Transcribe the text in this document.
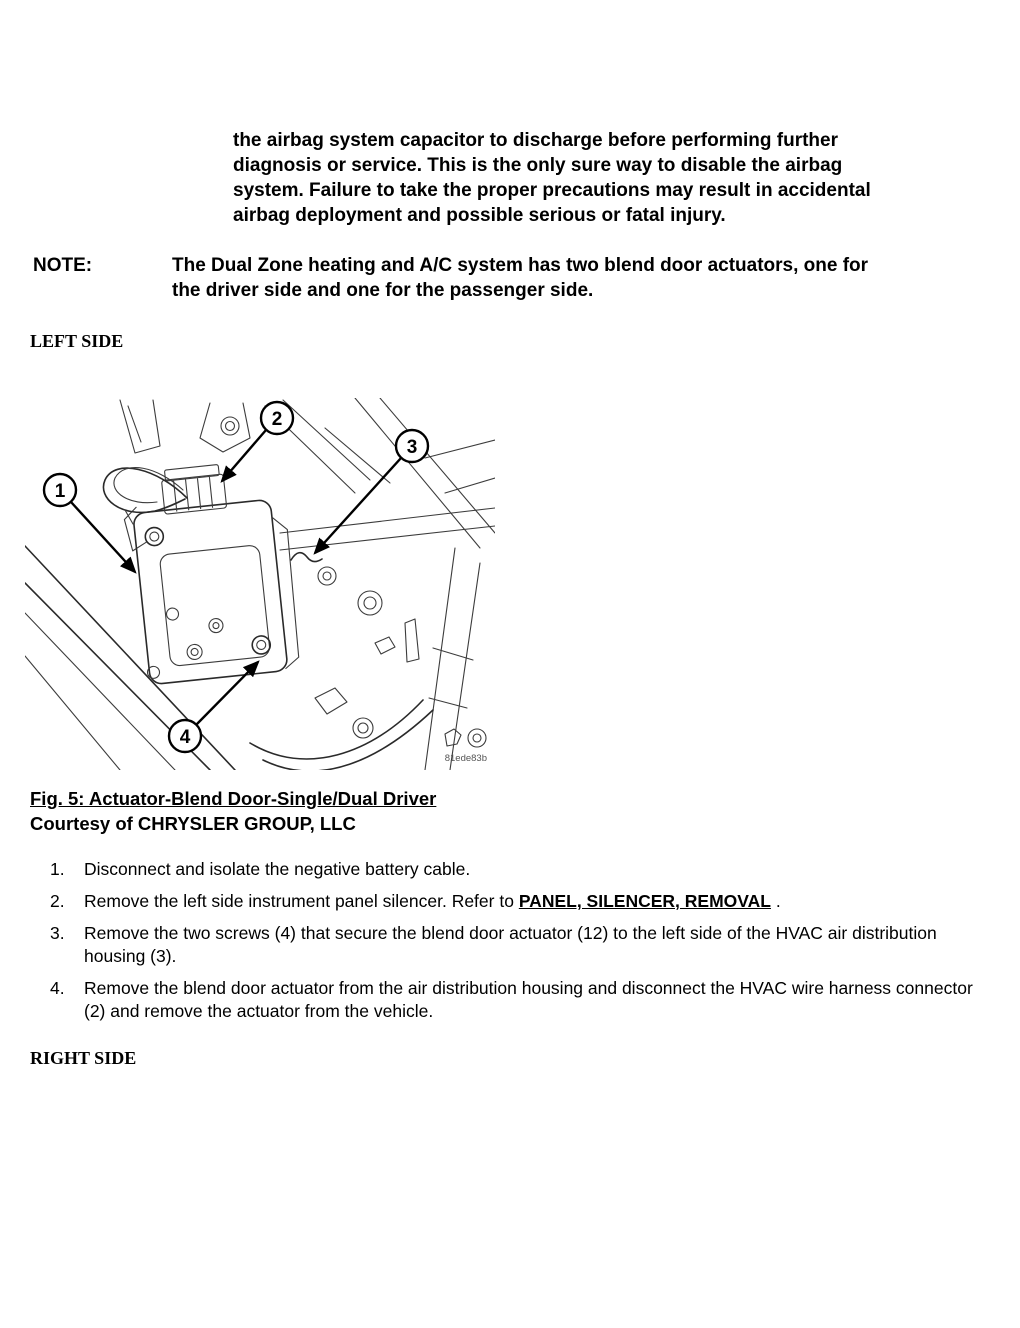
the airbag system capacitor to discharge before performing further
diagnosis or service. This is the only sure way to disable the airbag
system. Failure to take the proper precautions may result in accidental
airbag deployment and possible serious or fatal injury.
NOTE:	The Dual Zone heating and A/C system has two blend door actuators, one for
the driver side and one for the passenger side.
LEFT SIDE
1
2
3
4
81ede83b
Fig. 5: Actuator-Blend Door-Single/Dual Driver
Courtesy of CHRYSLER GROUP, LLC
1.	Disconnect and isolate the negative battery cable.
2.	Remove the left side instrument panel silencer. Refer to PANEL, SILENCER, REMOVAL .
3.	Remove the two screws (4) that secure the blend door actuator (12) to the left side of the HVAC air distribution housing (3).
4.	Remove the blend door actuator from the air distribution housing and disconnect the HVAC wire harness connector (2) and remove the actuator from the vehicle.
RIGHT SIDE
